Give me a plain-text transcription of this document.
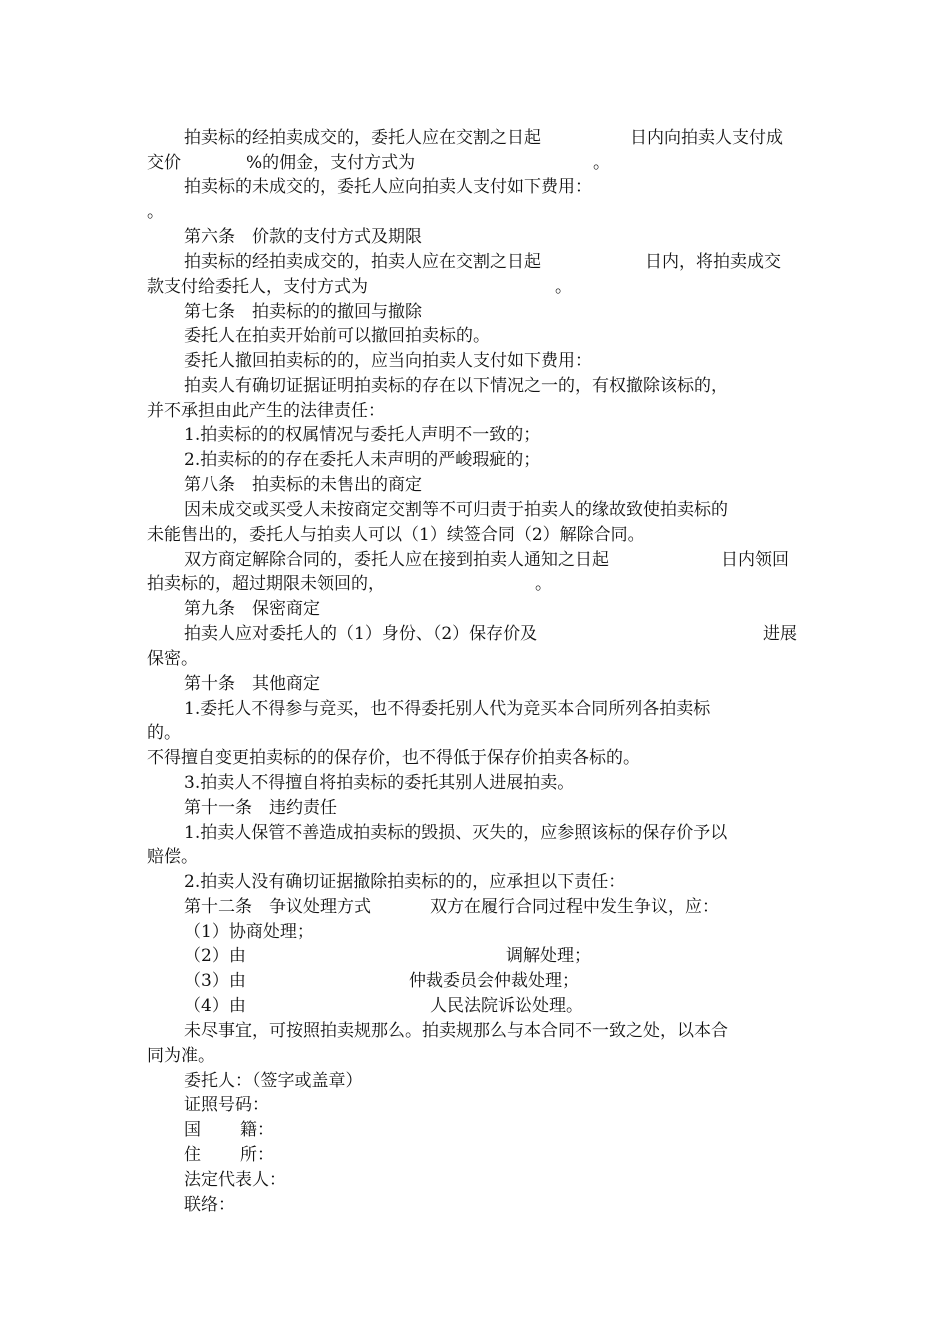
拍卖标的经拍卖成交的，委托人应在交割之日起	日内向拍卖人支付成
交价	%的佣金，支付方式为	。
拍卖标的未成交的，委托人应向拍卖人支付如下费用：
。
第六条　价款的支付方式及期限
拍卖标的经拍卖成交的，拍卖人应在交割之日起	日内，将拍卖成交
款支付给委托人，支付方式为	。
第七条　拍卖标的的撤回与撤除
委托人在拍卖开始前可以撤回拍卖标的。
委托人撤回拍卖标的的，应当向拍卖人支付如下费用：
拍卖人有确切证据证明拍卖标的存在以下情况之一的，有权撤除该标的，
并不承担由此产生的法律责任：
1.拍卖标的的权属情况与委托人声明不一致的；
2.拍卖标的的存在委托人未声明的严峻瑕疵的；
第八条　拍卖标的未售出的商定
因未成交或买受人未按商定交割等不可归责于拍卖人的缘故致使拍卖标的
未能售出的，委托人与拍卖人可以（1）续签合同（2）解除合同。
双方商定解除合同的，委托人应在接到拍卖人通知之日起	日内领回
拍卖标的，超过期限未领回的，	。
第九条　保密商定
拍卖人应对委托人的（1）身份、（2）保存价及	进展
保密。
第十条　其他商定
1.委托人不得参与竞买，也不得委托别人代为竞买本合同所列各拍卖标
的。
不得擅自变更拍卖标的的保存价，也不得低于保存价拍卖各标的。
3.拍卖人不得擅自将拍卖标的委托其别人进展拍卖。
第十一条　违约责任
1.拍卖人保管不善造成拍卖标的毁损、灭失的，应参照该标的保存价予以
赔偿。
2.拍卖人没有确切证据撤除拍卖标的的，应承担以下责任：
第十二条　争议处理方式	双方在履行合同过程中发生争议，应：
（1）协商处理；
（2）由	调解处理；
（3）由	仲裁委员会仲裁处理；
（4）由	人民法院诉讼处理。
未尽事宜，可按照拍卖规那么。拍卖规那么与本合同不一致之处，以本合
同为准。
委托人：（签字或盖章）
证照号码：
国 籍：
住 所：
法定代表人：
联络：
